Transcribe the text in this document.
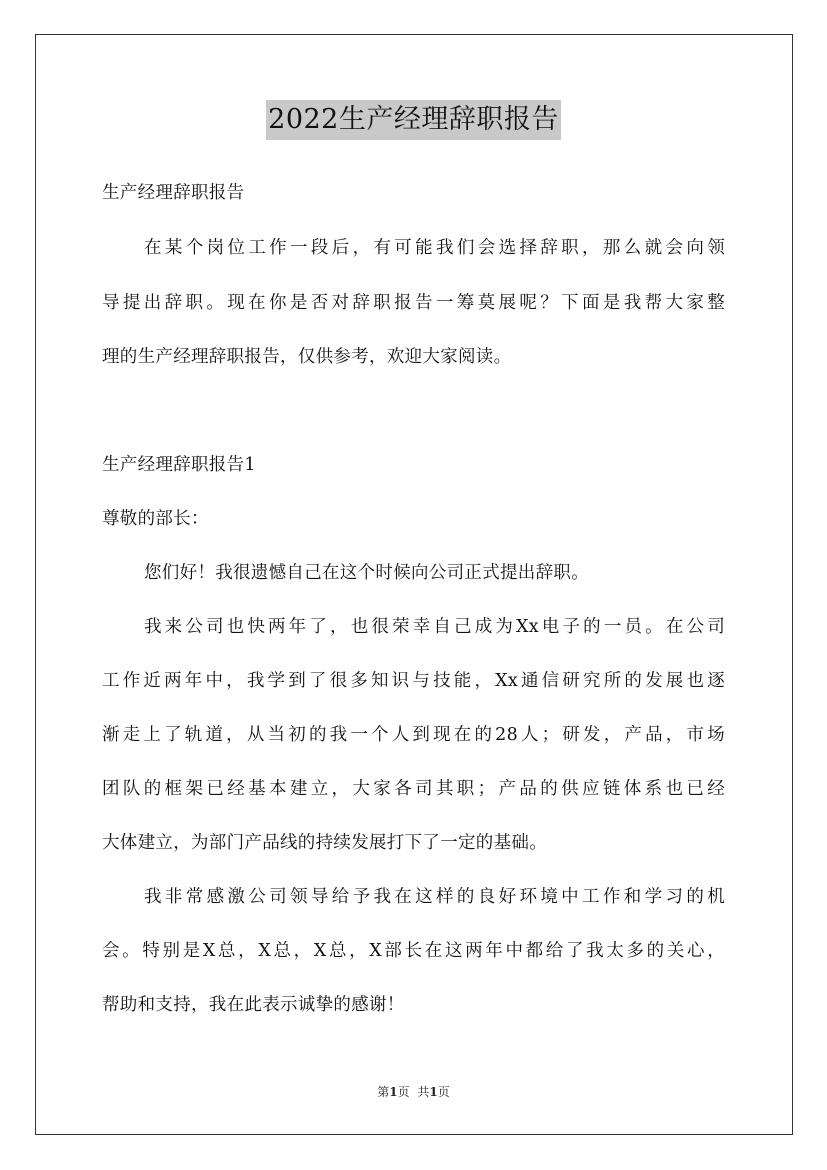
2022生产经理辞职报告
生产经理辞职报告
在某个岗位工作一段后，有可能我们会选择辞职，那么就会向领
导提出辞职。现在你是否对辞职报告一筹莫展呢？下面是我帮大家整
理的生产经理辞职报告，仅供参考，欢迎大家阅读。
生产经理辞职报告1
尊敬的部长：
您们好！我很遗憾自己在这个时候向公司正式提出辞职。
我来公司也快两年了，也很荣幸自己成为Xx电子的一员。在公司
工作近两年中，我学到了很多知识与技能，Xx通信研究所的发展也逐
渐走上了轨道，从当初的我一个人到现在的28人；研发，产品，市场
团队的框架已经基本建立，大家各司其职；产品的供应链体系也已经
大体建立，为部门产品线的持续发展打下了一定的基础。
我非常感激公司领导给予我在这样的良好环境中工作和学习的机
会。特别是X总，X总，X总，X部长在这两年中都给了我太多的关心，
帮助和支持，我在此表示诚挚的感谢！
第1页 共1页
